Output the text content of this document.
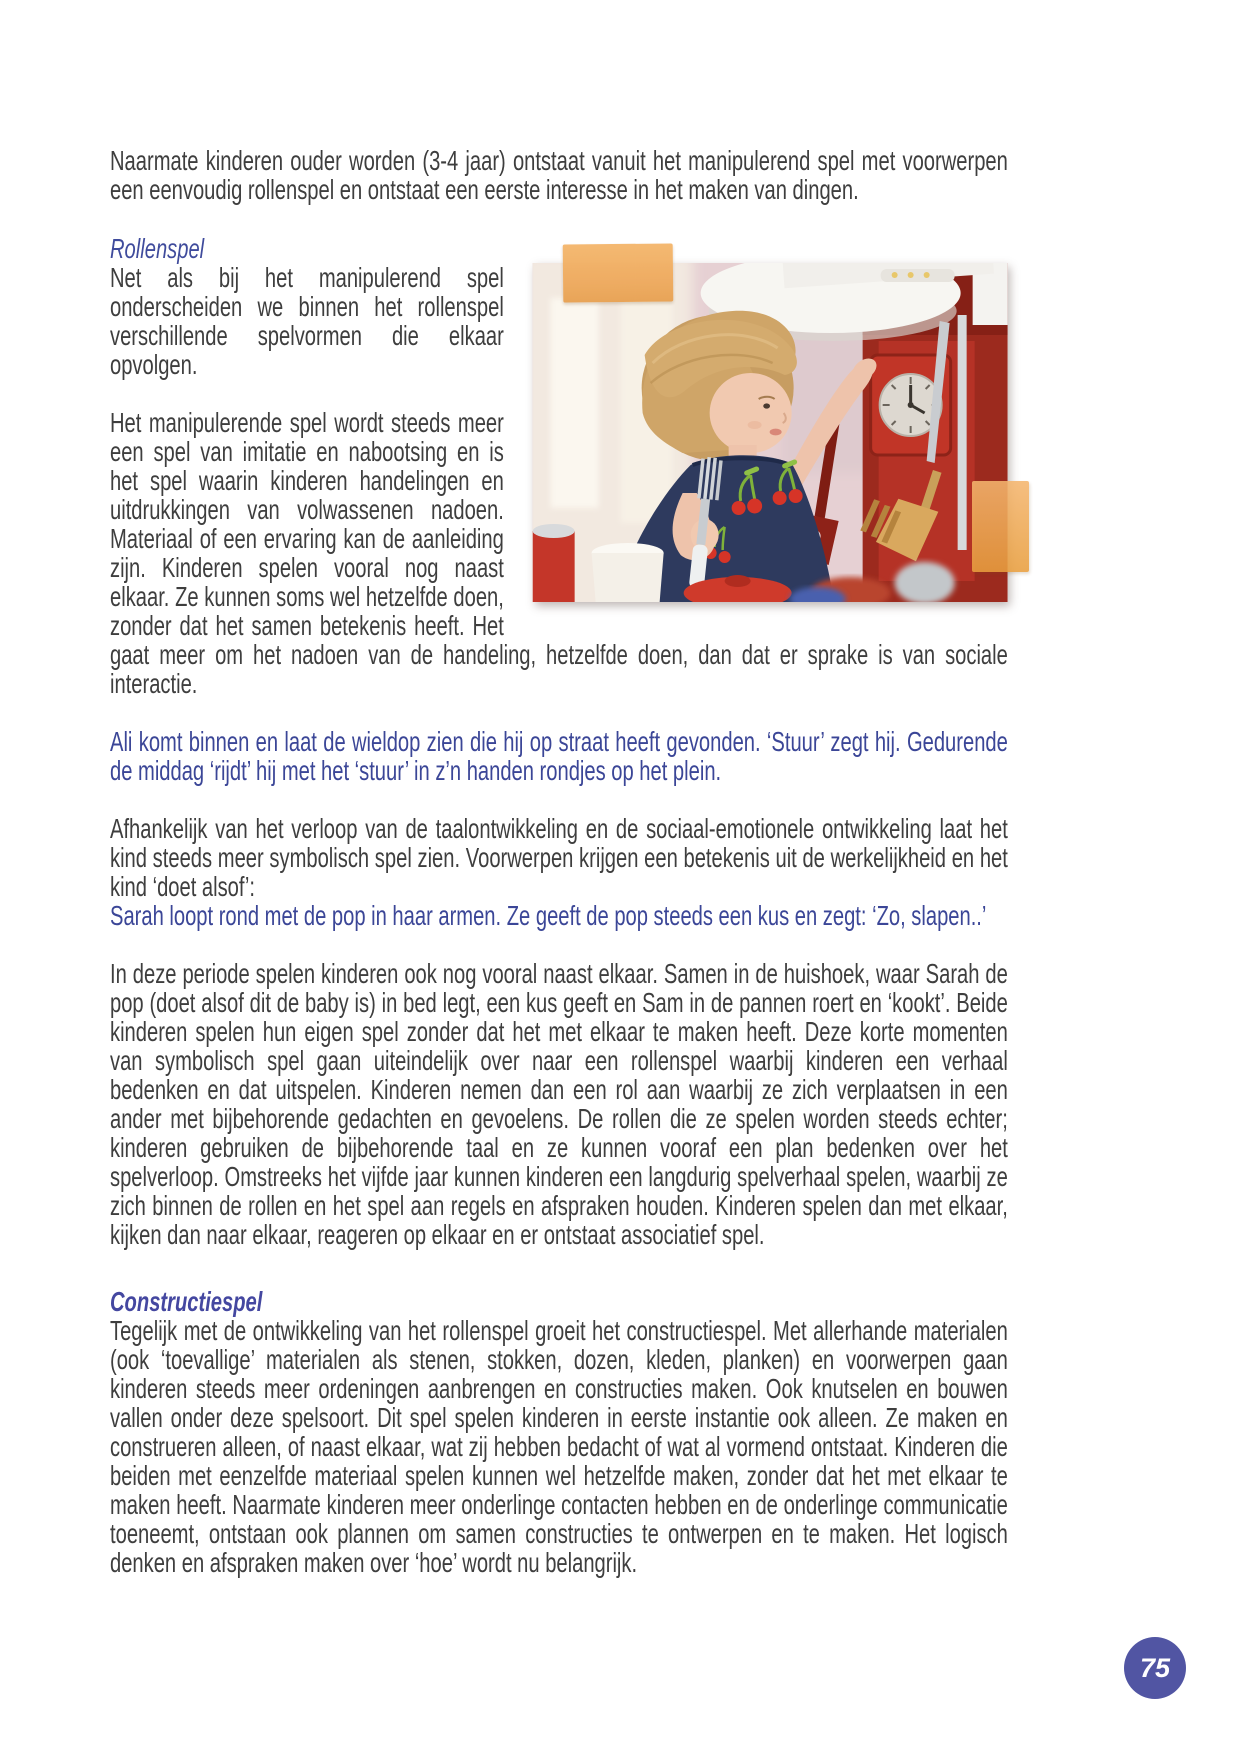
Naarmate kinderen ouder worden (3-4 jaar) ontstaat vanuit het manipulerend spel met voorwerpen een eenvoudig rollenspel en ontstaat een eerste interesse in het maken van dingen.

Rollenspel

Net als bij het manipulerend spel onderscheiden we binnen het rollenspel verschillende spelvormen die elkaar opvolgen.

Het manipulerende spel wordt steeds meer een spel van imitatie en nabootsing en is het spel waarin kinderen handelingen en uitdrukkingen van volwassenen nadoen. Materiaal of een ervaring kan de aanleiding zijn. Kinderen spelen vooral nog naast elkaar. Ze kunnen soms wel hetzelfde doen, zonder dat het samen betekenis heeft. Het gaat meer om het nadoen van de handeling, hetzelfde doen, dan dat er sprake is van sociale interactie.

Ali komt binnen en laat de wieldop zien die hij op straat heeft gevonden. ‘Stuur’ zegt hij. Gedurende de middag ‘rijdt’ hij met het ‘stuur’ in z’n handen rondjes op het plein.

Afhankelijk van het verloop van de taalontwikkeling en de sociaal-emotionele ontwikkeling laat het kind steeds meer symbolisch spel zien. Voorwerpen krijgen een betekenis uit de werkelijkheid en het kind ‘doet alsof’:

Sarah loopt rond met de pop in haar armen. Ze geeft de pop steeds een kus en zegt: ‘Zo, slapen..’

In deze periode spelen kinderen ook nog vooral naast elkaar. Samen in de huishoek, waar Sarah de pop (doet alsof dit de baby is) in bed legt, een kus geeft en Sam in de pannen roert en ‘kookt’. Beide kinderen spelen hun eigen spel zonder dat het met elkaar te maken heeft. Deze korte momenten van symbolisch spel gaan uiteindelijk over naar een rollenspel waarbij kinderen een verhaal bedenken en dat uitspelen. Kinderen nemen dan een rol aan waarbij ze zich verplaatsen in een ander met bijbehorende gedachten en gevoelens. De rollen die ze spelen worden steeds echter; kinderen gebruiken de bijbehorende taal en ze kunnen vooraf een plan bedenken over het spelverloop. Omstreeks het vijfde jaar kunnen kinderen een langdurig spelverhaal spelen, waarbij ze zich binnen de rollen en het spel aan regels en afspraken houden. Kinderen spelen dan met elkaar, kijken dan naar elkaar, reageren op elkaar en er ontstaat associatief spel.

Constructiespel

Tegelijk met de ontwikkeling van het rollenspel groeit het constructiespel. Met allerhande materialen (ook ‘toevallige’ materialen als stenen, stokken, dozen, kleden, planken) en voorwerpen gaan kinderen steeds meer ordeningen aanbrengen en constructies maken. Ook knutselen en bouwen vallen onder deze spelsoort. Dit spel spelen kinderen in eerste instantie ook alleen. Ze maken en construeren alleen, of naast elkaar, wat zij hebben bedacht of wat al vormend ontstaat. Kinderen die beiden met eenzelfde materiaal spelen kunnen wel hetzelfde maken, zonder dat het met elkaar te maken heeft. Naarmate kinderen meer onderlinge contacten hebben en de onderlinge communicatie toeneemt, ontstaan ook plannen om samen constructies te ontwerpen en te maken. Het logisch denken en afspraken maken over ‘hoe’ wordt nu belangrijk.

75
